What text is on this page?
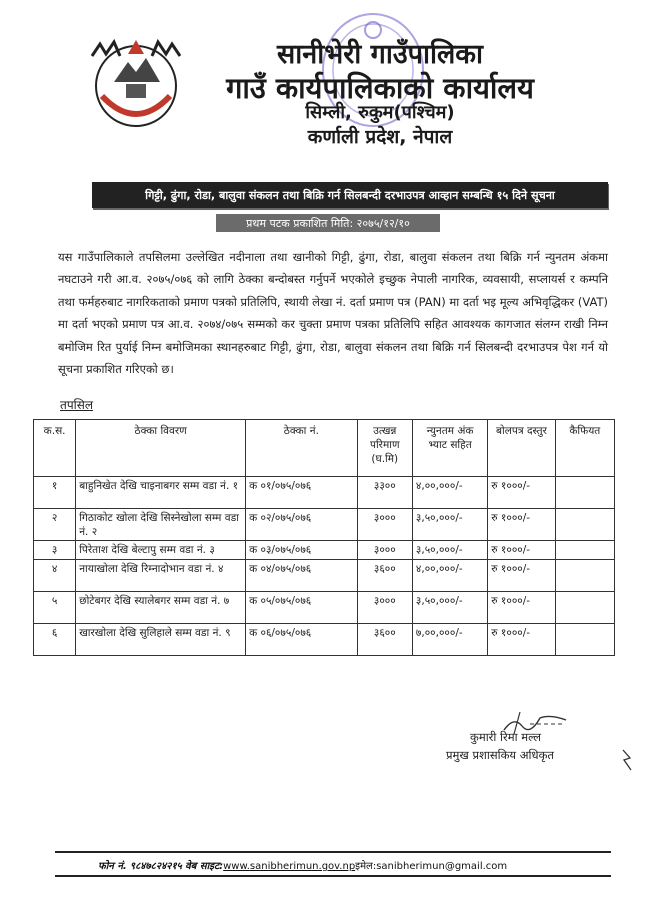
सानीभेरी गाउँपालिका
गाउँ कार्यपालिकाको कार्यालय
सिम्ली, रुकुम(पश्चिम)
कर्णाली प्रदेश, नेपाल
गिट्टी, ढुंगा, रोडा, बालुवा संकलन तथा बिक्रि गर्न सिलबन्दी दरभाउपत्र आव्हान सम्बन्धि १५ दिने सूचना
प्रथम पटक प्रकाशित मिति: २०७५/१२/१०
यस गाउँपालिकाले तपसिलमा उल्लेखित नदीनाला तथा खानीको गिट्टी, ढुंगा, रोडा, बालुवा संकलन तथा बिक्रि गर्न न्युनतम अंकमा नघटाउने गरी आ.व. २०७५/०७६ को लागि ठेक्का बन्दोबस्त गर्नुपर्ने भएकोले इच्छुक नेपाली नागरिक, व्यवसायी, सप्लायर्स र कम्पनि तथा फर्महरुबाट नागरिकताको प्रमाण पत्रको प्रतिलिपि, स्थायी लेखा नं. दर्ता प्रमाण पत्र (PAN) मा दर्ता भइ मूल्य अभिवृद्धिकर (VAT) मा दर्ता भएको प्रमाण पत्र आ.व. २०७४/०७५ सम्मको कर चुक्ता प्रमाण पत्रका प्रतिलिपि सहित आवश्यक कागजात संलग्न राखी निम्न बमोजिम रित पुर्याई निम्न बमोजिमका स्थानहरुबाट गिट्टी, ढुंगा, रोडा, बालुवा संकलन तथा बिक्रि गर्न सिलबन्दी दरभाउपत्र पेश गर्न यो सूचना प्रकाशित गरिएको छ।
तपसिल
क.स.	ठेक्का विवरण	ठेक्का नं.	उत्खन्न परिमाण (घ.मि)	न्युनतम अंक भ्याट सहित	बोलपत्र दस्तुर	कैफियत
१	बाहुनिखेत देखि चाइनाबगर सम्म वडा नं. १	क ०१/०७५/०७६	३३००	४,००,०००/-	रु १०००/-	
२	गिठाकोट खोला देखि सिस्नेखोला सम्म वडा नं. २	क ०२/०७५/०७६	३०००	३,५०,०००/-	रु १०००/-	
३	पिरेताश देखि बेल्टापु सम्म वडा नं. ३	क ०३/०७५/०७६	३०००	३,५०,०००/-	रु १०००/-	
४	नायाखोला देखि रिम्नादोभान वडा नं. ४	क ०४/०७५/०७६	३६००	४,००,०००/-	रु १०००/-	
५	छोटेबगर देखि स्यालेबगर सम्म वडा नं. ७	क ०५/०७५/०७६	३०००	३,५०,०००/-	रु १०००/-	
६	खारखोला देखि सुलिहाले सम्म वडा नं. ९	क ०६/०७५/०७६	३६००	७,००,०००/-	रु १०००/-	
कुमारी रिमा मल्ल
प्रमुख प्रशासकिय अधिकृत
फोन नं. ९८४७८२४२१५ वेब साइट:www.sanibherimun.gov.npइमेल:sanibherimun@gmail.com
